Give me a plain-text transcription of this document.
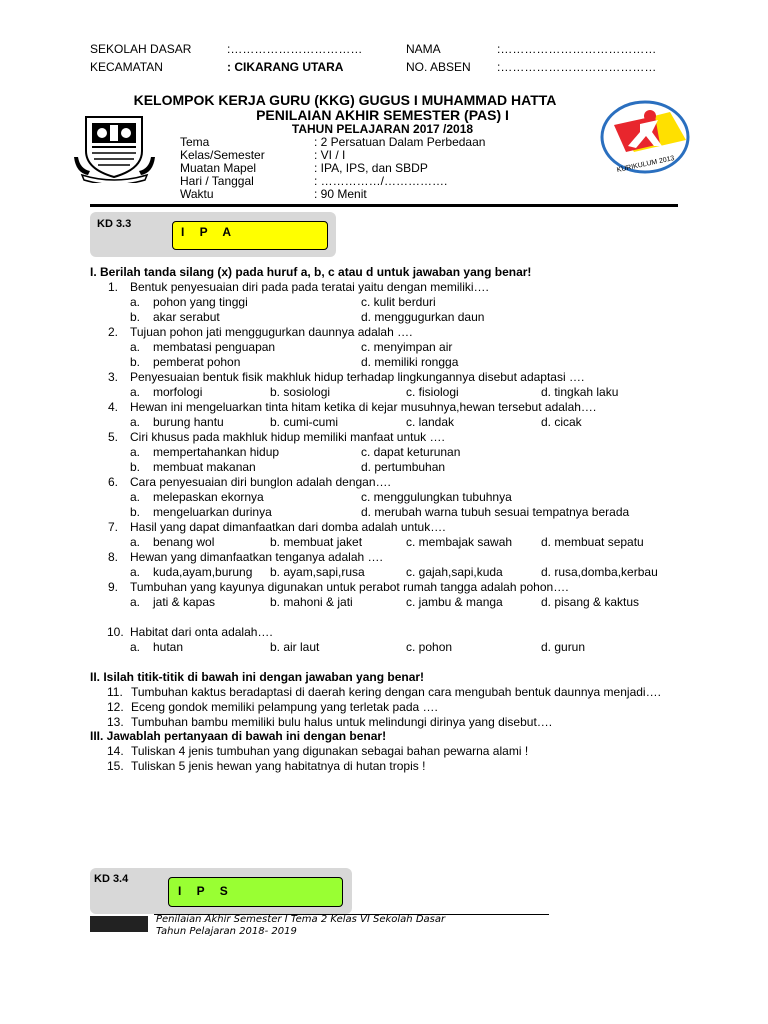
SEKOLAH DASAR	:……………………………	NAMA	:…………………………………
KECAMATAN	: CIKARANG UTARA	NO. ABSEN :…………………………………
KELOMPOK KERJA GURU (KKG) GUGUS I MUHAMMAD HATTA
PENILAIAN AKHIR SEMESTER (PAS) I
TAHUN PELAJARAN 2017 /2018
KURIKULUM 2013
Tema	: 2 Persatuan Dalam Perbedaan
Kelas/Semester	: VI / I
Muatan Mapel	: IPA, IPS, dan SBDP
Hari / Tanggal	: ……………/…………….
Waktu	: 90 Menit
KD 3.3
I P A
I. Berilah tanda silang (x) pada huruf a, b, c atau d untuk jawaban yang benar!
1. Bentuk penyesuaian diri pada pada teratai yaitu dengan memiliki….
a. pohon yang tinggi	c. kulit berduri
b. akar serabut	d. menggugurkan daun
2. Tujuan pohon jati menggugurkan daunnya adalah ….
a. membatasi penguapan	c. menyimpan air
b. pemberat pohon	d. memiliki rongga
3. Penyesuaian bentuk fisik makhluk hidup terhadap lingkungannya disebut adaptasi ….
a. morfologi	b. sosiologi	c. fisiologi	d. tingkah laku
4. Hewan ini mengeluarkan tinta hitam ketika di kejar musuhnya,hewan tersebut adalah….
a. burung hantu	b. cumi-cumi	c. landak	d. cicak
5. Ciri khusus pada makhluk hidup memiliki manfaat untuk ….
a. mempertahankan hidup	c. dapat keturunan
b. membuat makanan	d. pertumbuhan
6. Cara penyesuaian diri bunglon adalah dengan….
a. melepaskan ekornya	c. menggulungkan tubuhnya
b. mengeluarkan durinya	d. merubah warna tubuh sesuai tempatnya berada
7. Hasil yang dapat dimanfaatkan dari domba adalah untuk….
a. benang wol	b. membuat jaket	c. membajak sawah d. membuat sepatu
8. Hewan yang dimanfaatkan tenganya adalah ….
a. kuda,ayam,burung b. ayam,sapi,rusa	c. gajah,sapi,kuda	d. rusa,domba,kerbau
9. Tumbuhan yang kayunya digunakan untuk perabot rumah tangga adalah pohon….
a. jati & kapas	b. mahoni & jati	c. jambu & manga	d. pisang & kaktus
10. Habitat dari onta adalah….
a. hutan	b. air laut	c. pohon	d. gurun
II. Isilah titik-titik di bawah ini dengan jawaban yang benar!
11. Tumbuhan kaktus beradaptasi di daerah kering dengan cara mengubah bentuk daunnya menjadi….
12. Eceng gondok memiliki pelampung yang terletak pada ….
13. Tumbuhan bambu memiliki bulu halus untuk melindungi dirinya yang disebut….
III. Jawablah pertanyaan di bawah ini dengan benar!
14. Tuliskan 4 jenis tumbuhan yang digunakan sebagai bahan pewarna alami !
15. Tuliskan 5 jenis hewan yang habitatnya di hutan tropis !
KD 3.4
I P S
Penilaian Akhir Semester I Tema 2 Kelas VI Sekolah Dasar
Tahun Pelajaran 2018- 2019
